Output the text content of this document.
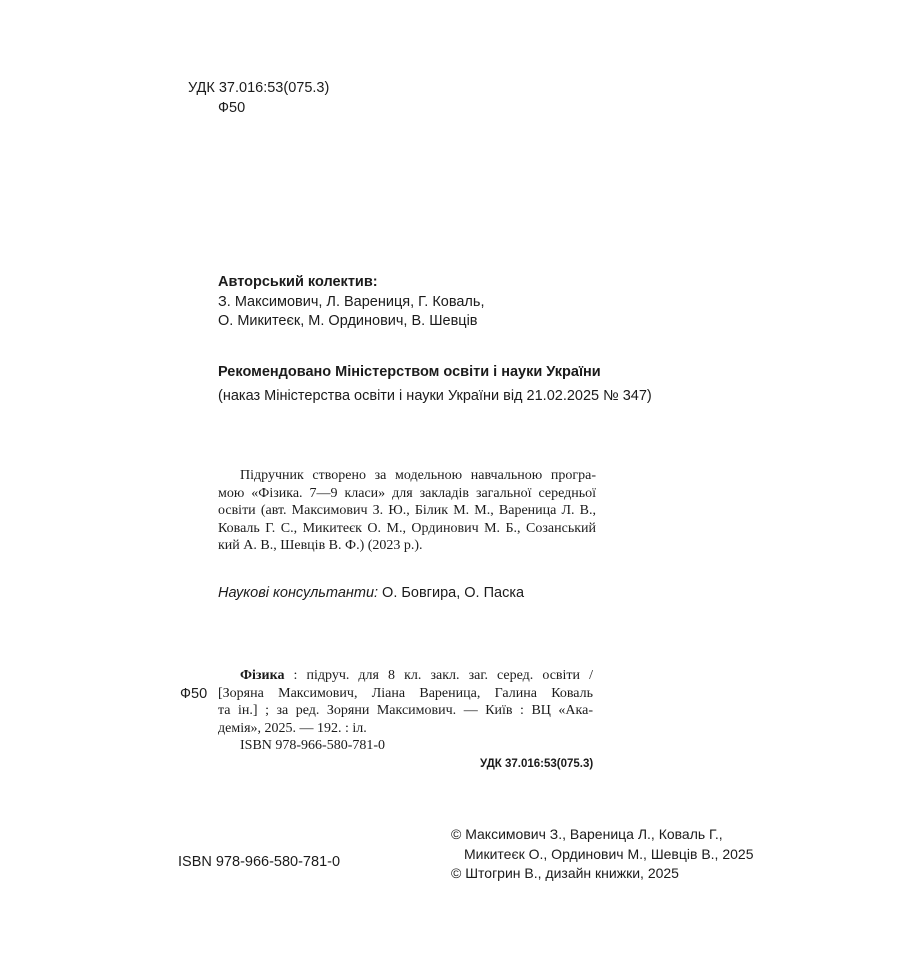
УДК 37.016:53(075.3)
Ф50
Авторський колектив:
З. Максимович, Л. Варениця, Г. Коваль,
О. Микитеєк, М. Ординович, В. Шевців
Рекомендовано Міністерством освіти і науки України
(наказ Міністерства освіти і науки України від 21.02.2025 № 347)
Підручник створено за модельною навчальною програ-
мою «Фізика. 7—9 класи» для закладів загальної середньої
освіти (авт. Максимович З. Ю., Білик М. М., Вареница Л. В.,
Коваль Г. С., Микитеєк О. М., Ординович М. Б., Созанський
кий А. В., Шевців В. Ф.) (2023 р.).
Наукові консультанти: О. Бовгира, О. Паска
Ф50
Фізика : підруч. для 8 кл. закл. заг. серед. освіти /
[Зоряна Максимович, Ліана Вареница, Галина Коваль
та ін.] ; за ред. Зоряни Максимович. — Київ : ВЦ «Ака-
демія», 2025. — 192. : іл.
ISBN 978-966-580-781-0
УДК 37.016:53(075.3)
ISBN 978-966-580-781-0
© Максимович З., Вареница Л., Коваль Г.,
Микитеєк О., Ординович М., Шевців В., 2025
© Штогрин В., дизайн книжки, 2025
